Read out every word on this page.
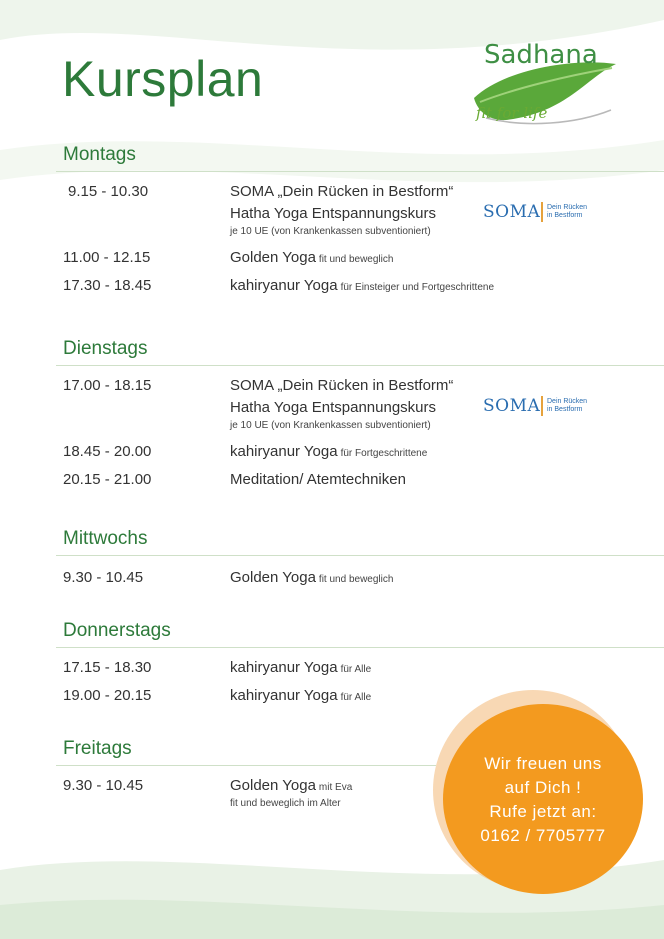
Kursplan	Sadhana
fit for life
Montags
9.15 - 10.30	SOMA „Dein Rücken in Bestform“
Hatha Yoga Entspannungskurs
je 10 UE (von Krankenkassen subventioniert)
SOMA Dein Rücken
in Bestform
11.00 - 12.15	Golden Yoga fit und beweglich
17.30 - 18.45	kahiryanur Yoga für Einsteiger und Fortgeschrittene
Dienstags
17.00 - 18.15	SOMA „Dein Rücken in Bestform“
Hatha Yoga Entspannungskurs
je 10 UE (von Krankenkassen subventioniert)
SOMA Dein Rücken
in Bestform
18.45 - 20.00	kahiryanur Yoga für Fortgeschrittene
20.15 - 21.00	Meditation/ Atemtechniken
Mittwochs
9.30 - 10.45	Golden Yoga fit und beweglich
Donnerstags
17.15 - 18.30	kahiryanur Yoga für Alle
19.00 - 20.15	kahiryanur Yoga für Alle
Freitags
9.30 - 10.45	Golden Yoga mit Eva
fit und beweglich im Alter
Wir freuen uns
auf Dich !
Rufe jetzt an:
0162 / 7705777
